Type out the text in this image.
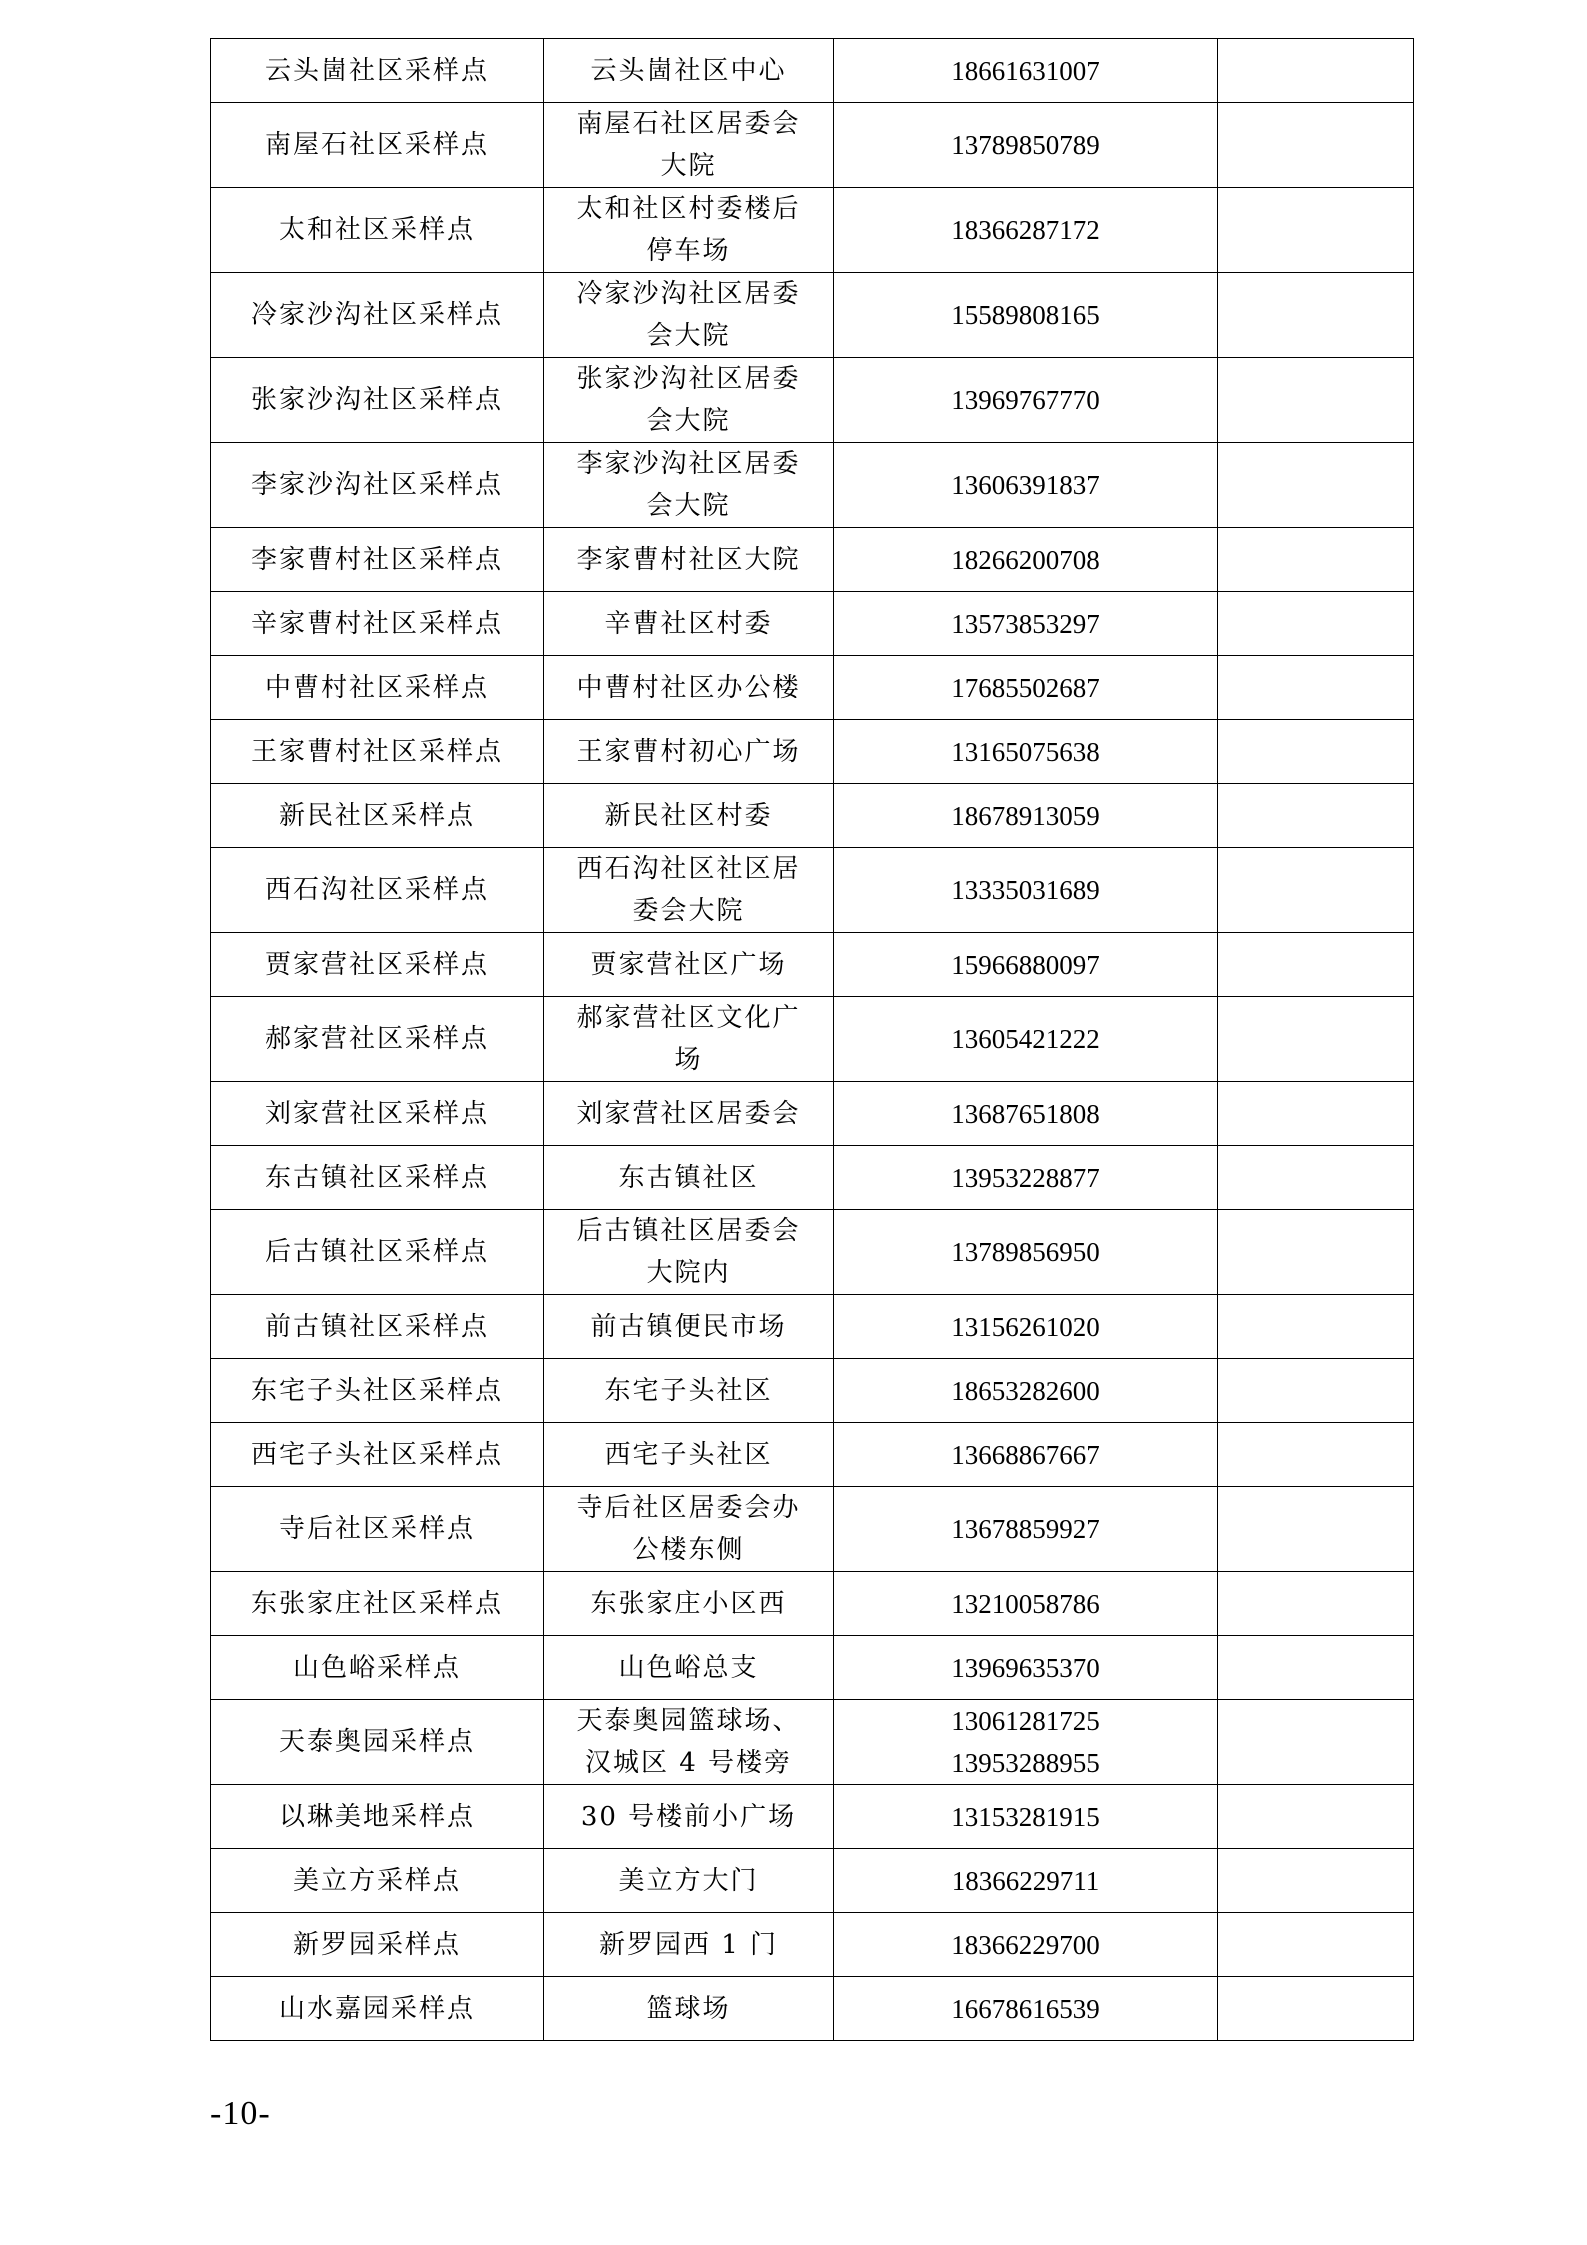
云头崮社区采样点	云头崮社区中心	18661631007	

南屋石社区采样点	南屋石社区居委会大院	13789850789	

太和社区采样点	太和社区村委楼后停车场	18366287172	

冷家沙沟社区采样点	冷家沙沟社区居委会大院	15589808165	

张家沙沟社区采样点	张家沙沟社区居委会大院	13969767770	

李家沙沟社区采样点	李家沙沟社区居委会大院	13606391837	

李家曹村社区采样点	李家曹村社区大院	18266200708	

辛家曹村社区采样点	辛曹社区村委	13573853297	

中曹村社区采样点	中曹村社区办公楼	17685502687	

王家曹村社区采样点	王家曹村初心广场	13165075638	

新民社区采样点	新民社区村委	18678913059	

西石沟社区采样点	西石沟社区社区居委会大院	13335031689	

贾家营社区采样点	贾家营社区广场	15966880097	

郝家营社区采样点	郝家营社区文化广场	13605421222	

刘家营社区采样点	刘家营社区居委会	13687651808	

东古镇社区采样点	东古镇社区	13953228877	

后古镇社区采样点	后古镇社区居委会大院内	13789856950	

前古镇社区采样点	前古镇便民市场	13156261020	

东宅子头社区采样点	东宅子头社区	18653282600	

西宅子头社区采样点	西宅子头社区	13668867667	

寺后社区采样点	寺后社区居委会办公楼东侧	13678859927	

东张家庄社区采样点	东张家庄小区西	13210058786	

山色峪采样点	山色峪总支	13969635370	

天泰奥园采样点	天泰奥园篮球场、汉城区 4 号楼旁	13061281725
13953288955	

以琳美地采样点	30 号楼前小广场	13153281915	

美立方采样点	美立方大门	18366229711	

新罗园采样点	新罗园西 1 门	18366229700	

山水嘉园采样点	篮球场	16678616539	

-10-
